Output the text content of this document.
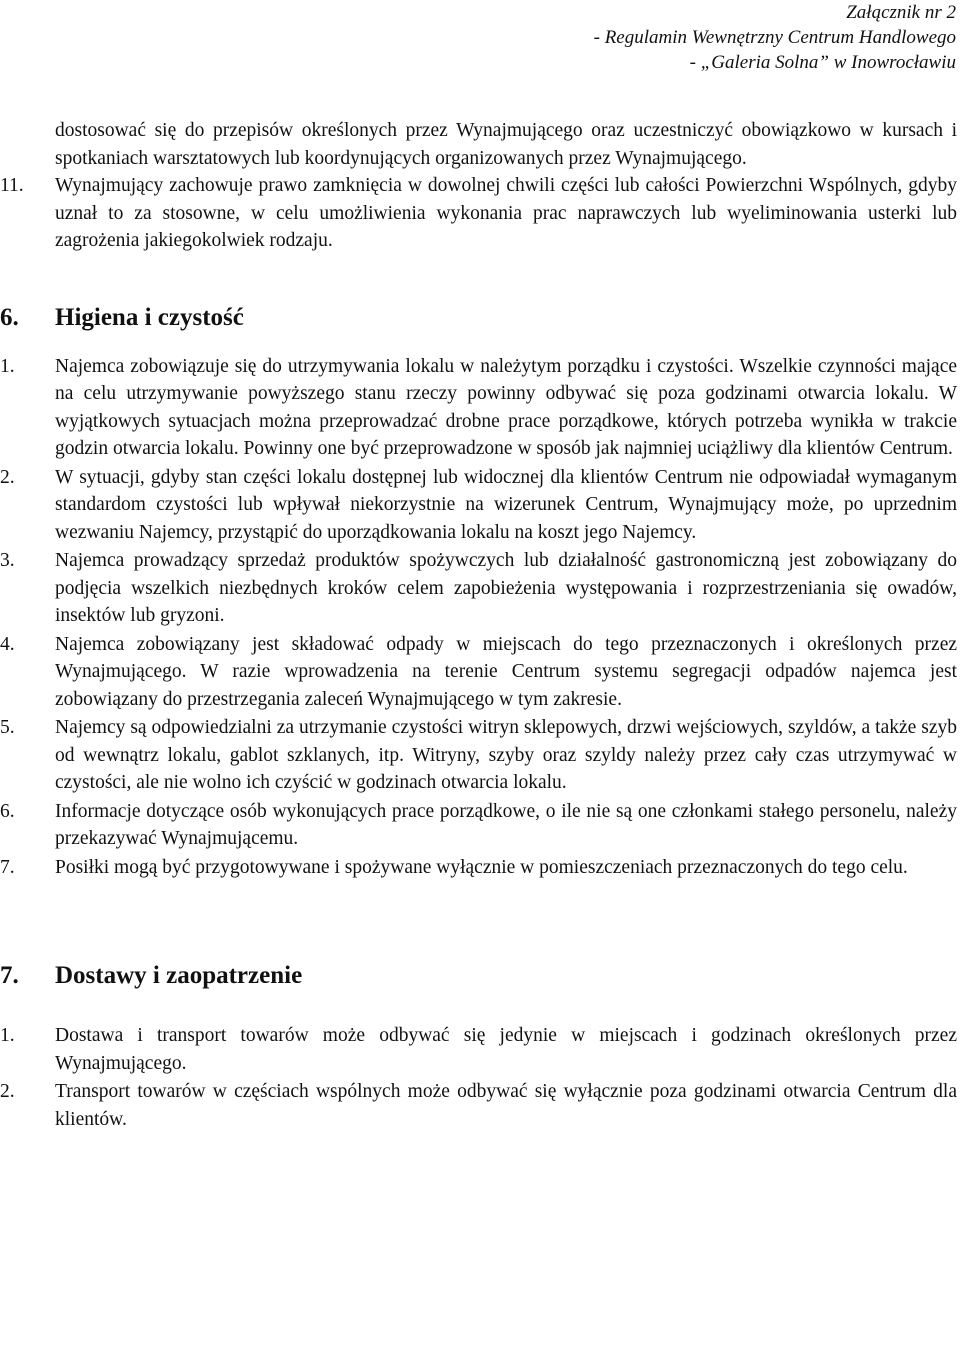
Załącznik nr 2
- Regulamin Wewnętrzny Centrum Handlowego
- „Galeria Solna” w Inowrocławiu
dostosować się do przepisów określonych przez Wynajmującego oraz uczestniczyć obowiązkowo w kursach i spotkaniach warsztatowych lub koordynujących organizowanych przez Wynajmującego.
11. Wynajmujący zachowuje prawo zamknięcia w dowolnej chwili części lub całości Powierzchni Wspólnych, gdyby uznał to za stosowne, w celu umożliwienia wykonania prac naprawczych lub wyeliminowania usterki lub zagrożenia jakiegokolwiek rodzaju.
6. Higiena i czystość
1. Najemca zobowiązuje się do utrzymywania lokalu w należytym porządku i czystości. Wszelkie czynności mające na celu utrzymywanie powyższego stanu rzeczy powinny odbywać się poza godzinami otwarcia lokalu. W wyjątkowych sytuacjach można przeprowadzać drobne prace porządkowe, których potrzeba wynikła w trakcie godzin otwarcia lokalu. Powinny one być przeprowadzone w sposób jak najmniej uciążliwy dla klientów Centrum.
2. W sytuacji, gdyby stan części lokalu dostępnej lub widocznej dla klientów Centrum nie odpowiadał wymaganym standardom czystości lub wpływał niekorzystnie na wizerunek Centrum, Wynajmujący może, po uprzednim wezwaniu Najemcy, przystąpić do uporządkowania lokalu na koszt jego Najemcy.
3. Najemca prowadzący sprzedaż produktów spożywczych lub działalność gastronomiczną jest zobowiązany do podjęcia wszelkich niezbędnych kroków celem zapobieżenia występowania i rozprzestrzeniania się owadów, insektów lub gryzoni.
4. Najemca zobowiązany jest składować odpady w miejscach do tego przeznaczonych i określonych przez Wynajmującego. W razie wprowadzenia na terenie Centrum systemu segregacji odpadów najemca jest zobowiązany do przestrzegania zaleceń Wynajmującego w tym zakresie.
5. Najemcy są odpowiedzialni za utrzymanie czystości witryn sklepowych, drzwi wejściowych, szyldów, a także szyb od wewnątrz lokalu, gablot szklanych, itp. Witryny, szyby oraz szyldy należy przez cały czas utrzymywać w czystości, ale nie wolno ich czyścić w godzinach otwarcia lokalu.
6. Informacje dotyczące osób wykonujących prace porządkowe, o ile nie są one członkami stałego personelu, należy przekazywać Wynajmującemu.
7. Posiłki mogą być przygotowywane i spożywane wyłącznie w pomieszczeniach przeznaczonych do tego celu.
7. Dostawy i zaopatrzenie
1. Dostawa i transport towarów może odbywać się jedynie w miejscach i godzinach określonych przez Wynajmującego.
2. Transport towarów w częściach wspólnych może odbywać się wyłącznie poza godzinami otwarcia Centrum dla klientów.
